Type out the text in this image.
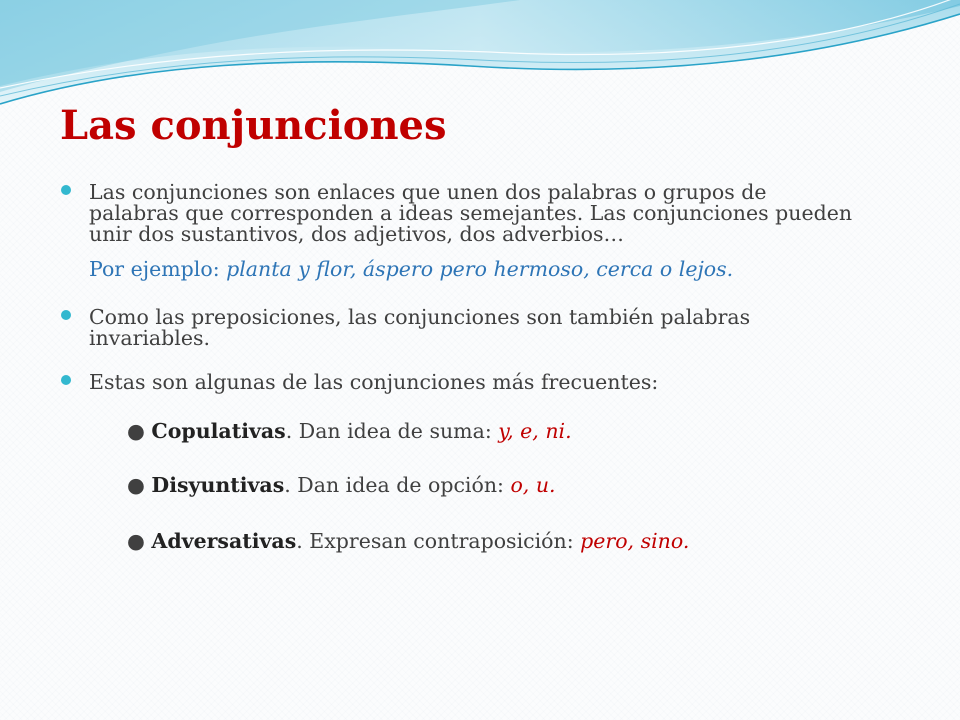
Las conjunciones
Las conjunciones son enlaces que unen dos palabras o grupos de palabras que corresponden a ideas semejantes. Las conjunciones pueden unir dos sustantivos, dos adjetivos, dos adverbios…
Por ejemplo: planta y flor, áspero pero hermoso, cerca o lejos.
Como las preposiciones, las conjunciones son también palabras invariables.
Estas son algunas de las conjunciones más frecuentes:
● Copulativas. Dan idea de suma: y, e, ni.
● Disyuntivas. Dan idea de opción: o, u.
● Adversativas. Expresan contraposición: pero, sino.
